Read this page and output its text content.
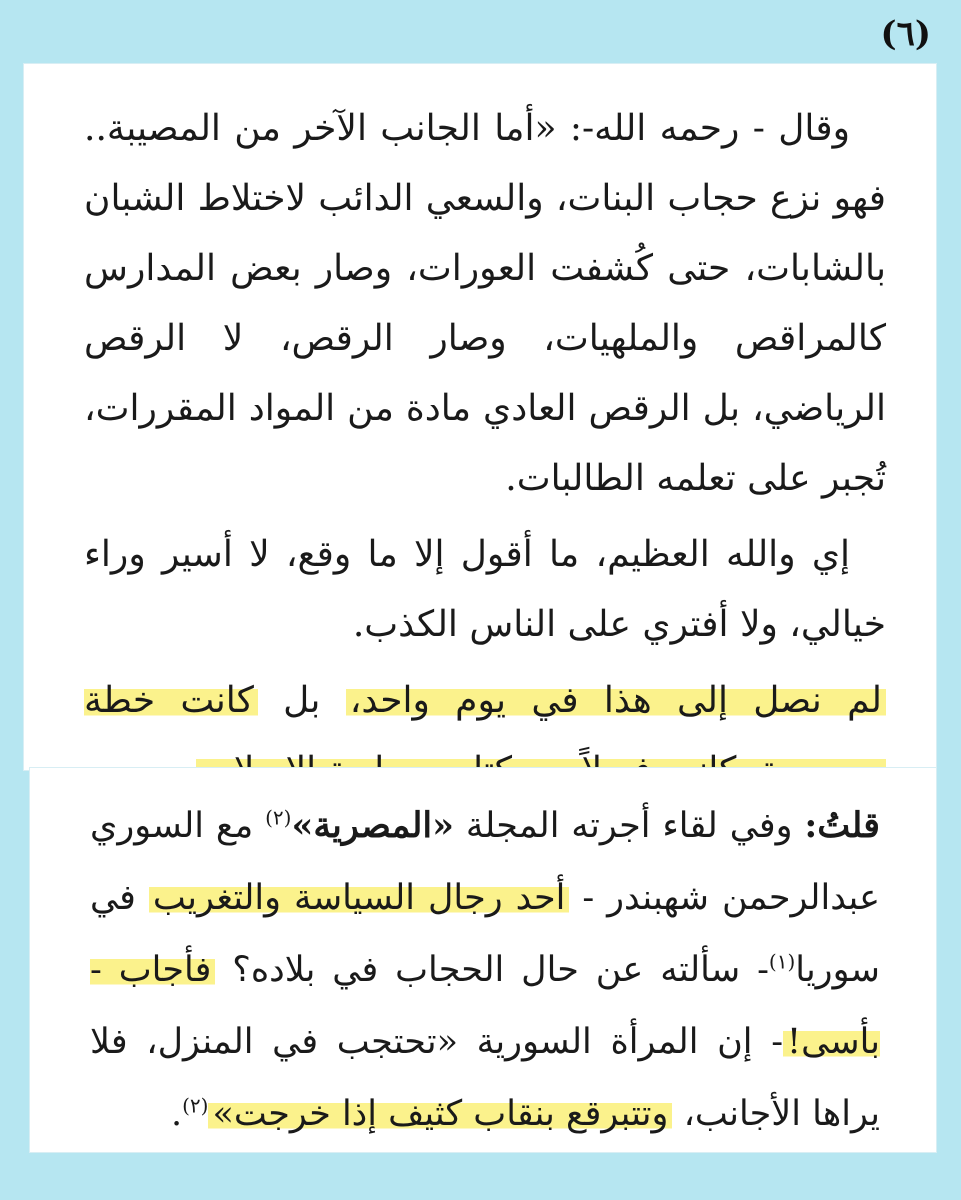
(٦)

وقال - رحمه الله-: «أما الجانب الآخر من المصيبة.. فهو نزع حجاب البنات، والسعي الدائب لاختلاط الشبان بالشابات، حتى كُشفت العورات، وصار بعض المدارس كالمراقص والملهيات، وصار الرقص، لا الرقص الرياضي، بل الرقص العادي مادة من المواد المقررات، تُجبر على تعلمه الطالبات.

إي والله العظيم، ما أقول إلا ما وقع، لا أسير وراء خيالي، ولا أفتري على الناس الكذب.

لم نصل إلى هذا في يوم واحد، بل كانت خطة

قلتُ: وفي لقاء أجرته المجلة «المصرية»$^{(٢)}$ مع السوري عبدالرحمن شهبندر - أحد رجال السياسة والتغريب في سوريا$^{(١)}$- سألته عن حال الحجاب في بلاده؟ فأجاب - بأسى!- إن المرأة السورية «تحتجب في المنزل، فلا يراها الأجانب، وتتبرقع بنقاب كثيف إذا خرجت»$^{(٢)}$.
